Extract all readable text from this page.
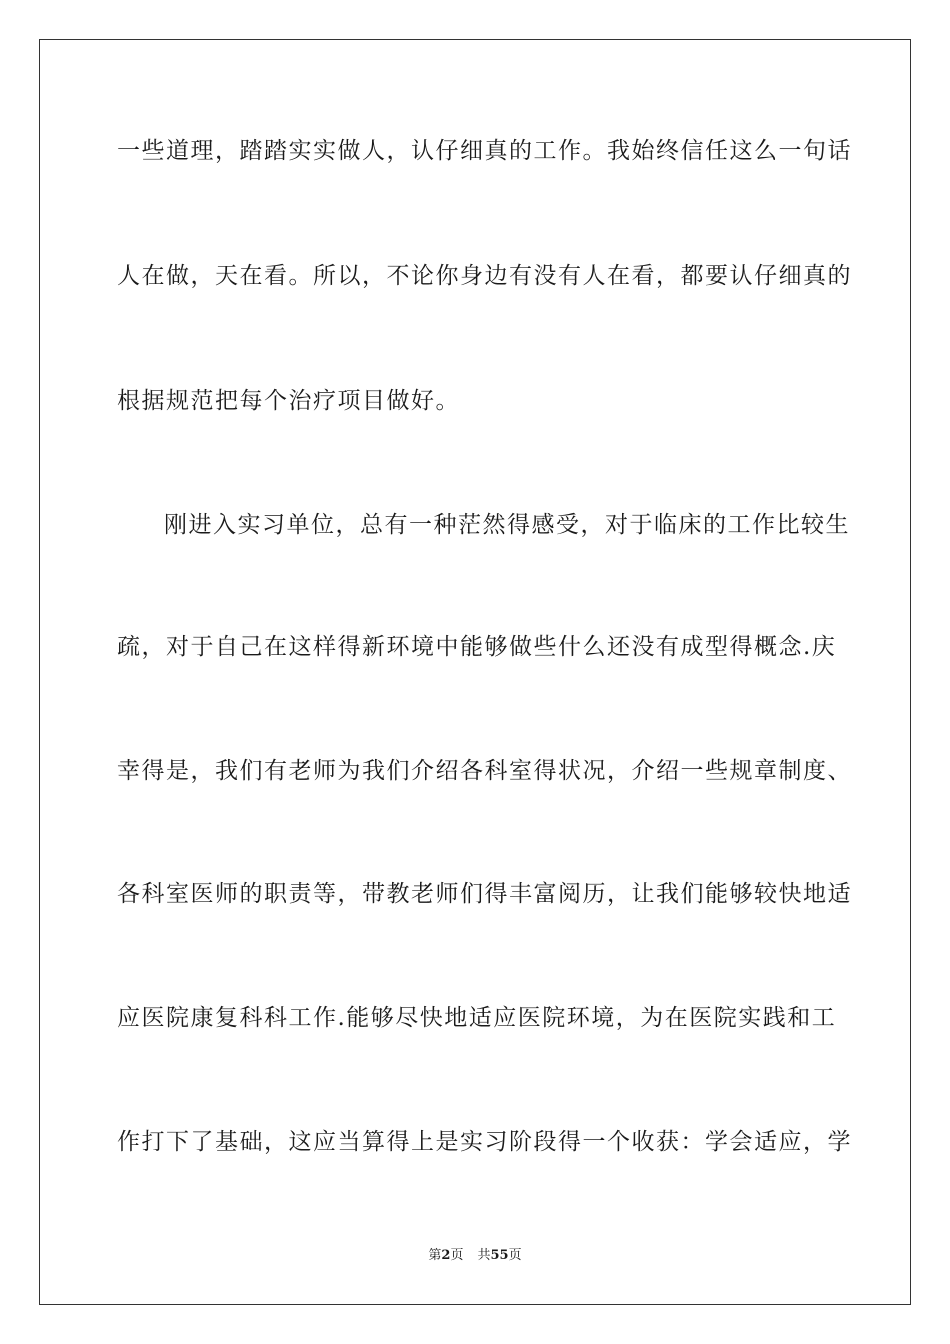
一些道理，踏踏实实做人，认仔细真的工作。我始终信任这么一句话
人在做，天在看。所以，不论你身边有没有人在看，都要认仔细真的
根据规范把每个治疗项目做好。
刚进入实习单位，总有一种茫然得感受，对于临床的工作比较生
疏，对于自己在这样得新环境中能够做些什么还没有成型得概念.庆
幸得是，我们有老师为我们介绍各科室得状况，介绍一些规章制度、
各科室医师的职责等，带教老师们得丰富阅历，让我们能够较快地适
应医院康复科科工作.能够尽快地适应医院环境，为在医院实践和工
作打下了基础，这应当算得上是实习阶段得一个收获：学会适应，学
第2页 共55页
